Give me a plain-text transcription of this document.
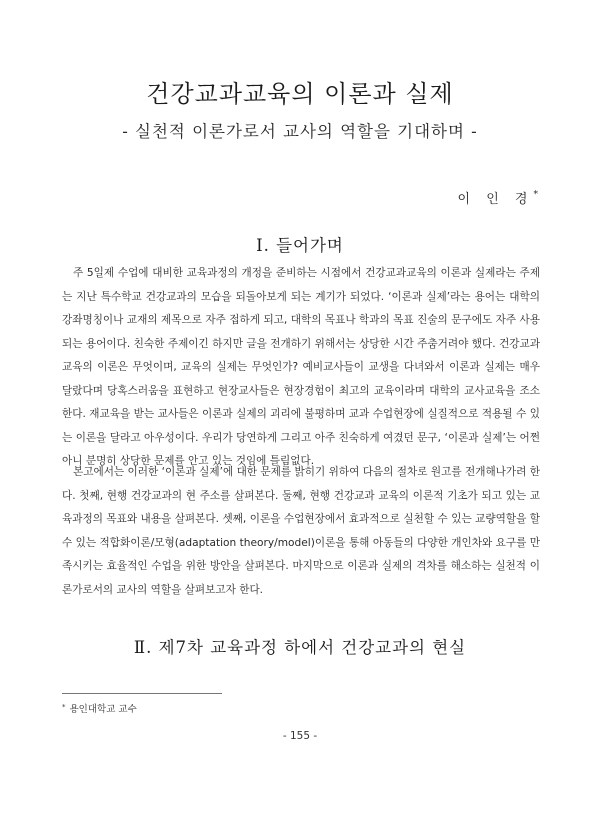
건강교과교육의 이론과 실제
- 실천적 이론가로서 교사의 역할을 기대하며 -
이 인 경*
Ⅰ. 들어가며

주 5일제 수업에 대비한 교육과정의 개정을 준비하는 시점에서 건강교과교육의 이론과 실제라는 주제는 지난 특수학교 건강교과의 모습을 되돌아보게 되는 계기가 되었다. ‘이론과 실제’라는 용어는 대학의 강좌명칭이나 교재의 제목으로 자주 접하게 되고, 대학의 목표나 학과의 목표 진술의 문구에도 자주 사용되는 용어이다. 친숙한 주제이긴 하지만 글을 전개하기 위해서는 상당한 시간 주춤거려야 했다. 건강교과교육의 이론은 무엇이며, 교육의 실제는 무엇인가? 예비교사들이 교생을 다녀와서 이론과 실제는 매우 달랐다며 당혹스러움을 표현하고 현장교사들은 현장경험이 최고의 교육이라며 대학의 교사교육을 조소한다. 재교육을 받는 교사들은 이론과 실제의 괴리에 불평하며 교과 수업현장에 실질적으로 적용될 수 있는 이론을 달라고 아우성이다. 우리가 당연하게 그리고 아주 친숙하게 여겼던 문구, ‘이론과 실제’는 어쩐 아니 분명히 상당한 문제를 안고 있는 것임에 틀림없다.

본고에서는 이러한 ‘이론과 실제’에 대한 문제를 밝히기 위하여 다음의 절차로 원고를 전개해나가려 한다. 첫째, 현행 건강교과의 현 주소를 살펴본다. 둘째, 현행 건강교과 교육의 이론적 기초가 되고 있는 교육과정의 목표와 내용을 살펴본다. 셋째, 이론을 수업현장에서 효과적으로 실천할 수 있는 교량역할을 할 수 있는 적합화이론/모형(adaptation theory/model)이론을 통해 아동들의 다양한 개인차와 요구를 만족시키는 효율적인 수업을 위한 방안을 살펴본다. 마지막으로 이론과 실제의 격차를 해소하는 실천적 이론가로서의 교사의 역할을 살펴보고자 한다.

Ⅱ. 제7차 교육과정 하에서 건강교과의 현실
* 용인대학교 교수
- 155 -
